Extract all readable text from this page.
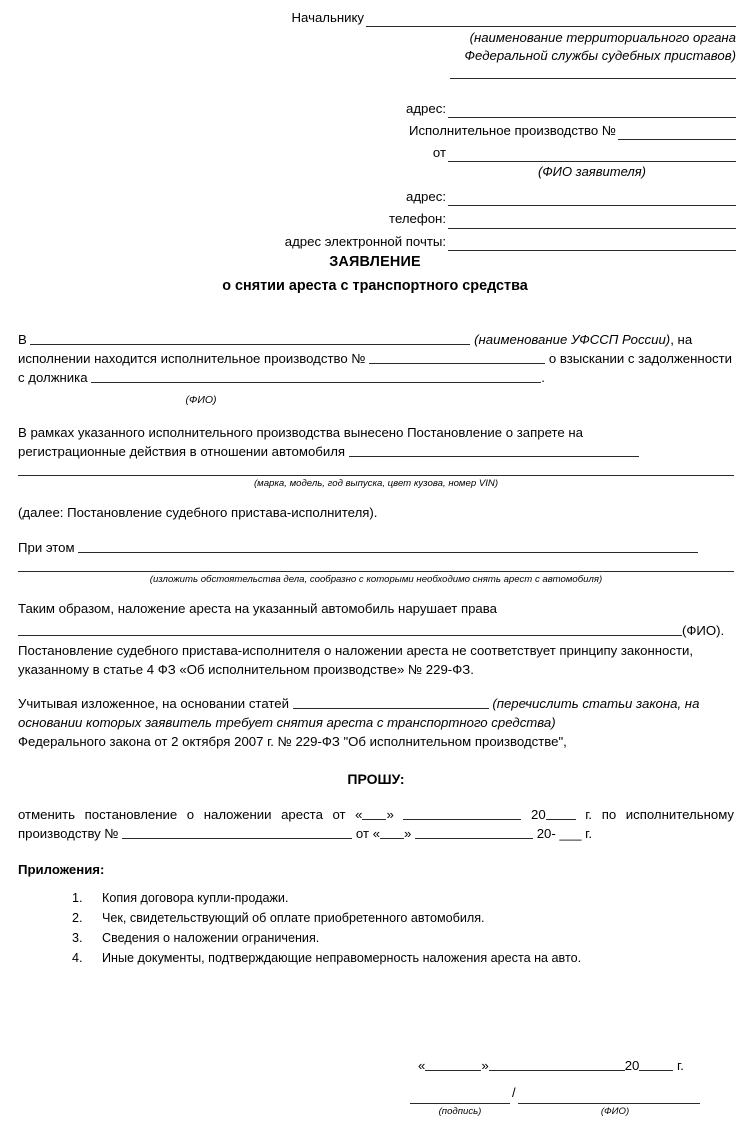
Начальнику
(наименование территориального органа
Федеральной службы судебных приставов)
адрес:
Исполнительное производство №
от
(ФИО заявителя)
адрес:
телефон:
адрес электронной почты:
ЗАЯВЛЕНИЕ
о снятии ареста с транспортного средства
В	(наименование УФССП России), на исполнении находится исполнительное производство №	о взыскании с задолженности с должника	.
(ФИО)
В рамках указанного исполнительного производства вынесено Постановление о запрете на
регистрационные действия в отношении автомобиля
(марка, модель, год выпуска, цвет кузова, номер VIN)
(далее: Постановление судебного пристава-исполнителя).
При этом
(изложить обстоятельства дела, сообразно с которыми необходимо снять арест с автомобиля)
Таким образом, наложение ареста на указанный автомобиль нарушает права
(ФИО).
Постановление судебного пристава-исполнителя о наложении ареста не соответствует принципу законности, указанному в статье 4 ФЗ «Об исполнительном производстве» № 229-ФЗ.
Учитывая изложенное, на основании статей	(перечислить статьи закона, на основании которых заявитель требует снятия ареста с транспортного средства)
Федерального закона от 2 октября 2007 г. № 229-ФЗ "Об исполнительном производстве",
ПРОШУ:
отменить постановление о наложении ареста от « »	20	г. по исполнительному производству №	от « »	20- ___ г.
Приложения:
Копия договора купли-продажи.
Чек, свидетельствующий об оплате приобретенного автомобиля.
Сведения о наложении ограничения.
Иные документы, подтверждающие неправомерность наложения ареста на авто.
«	»	20	г.
/
(подпись)	(ФИО)
